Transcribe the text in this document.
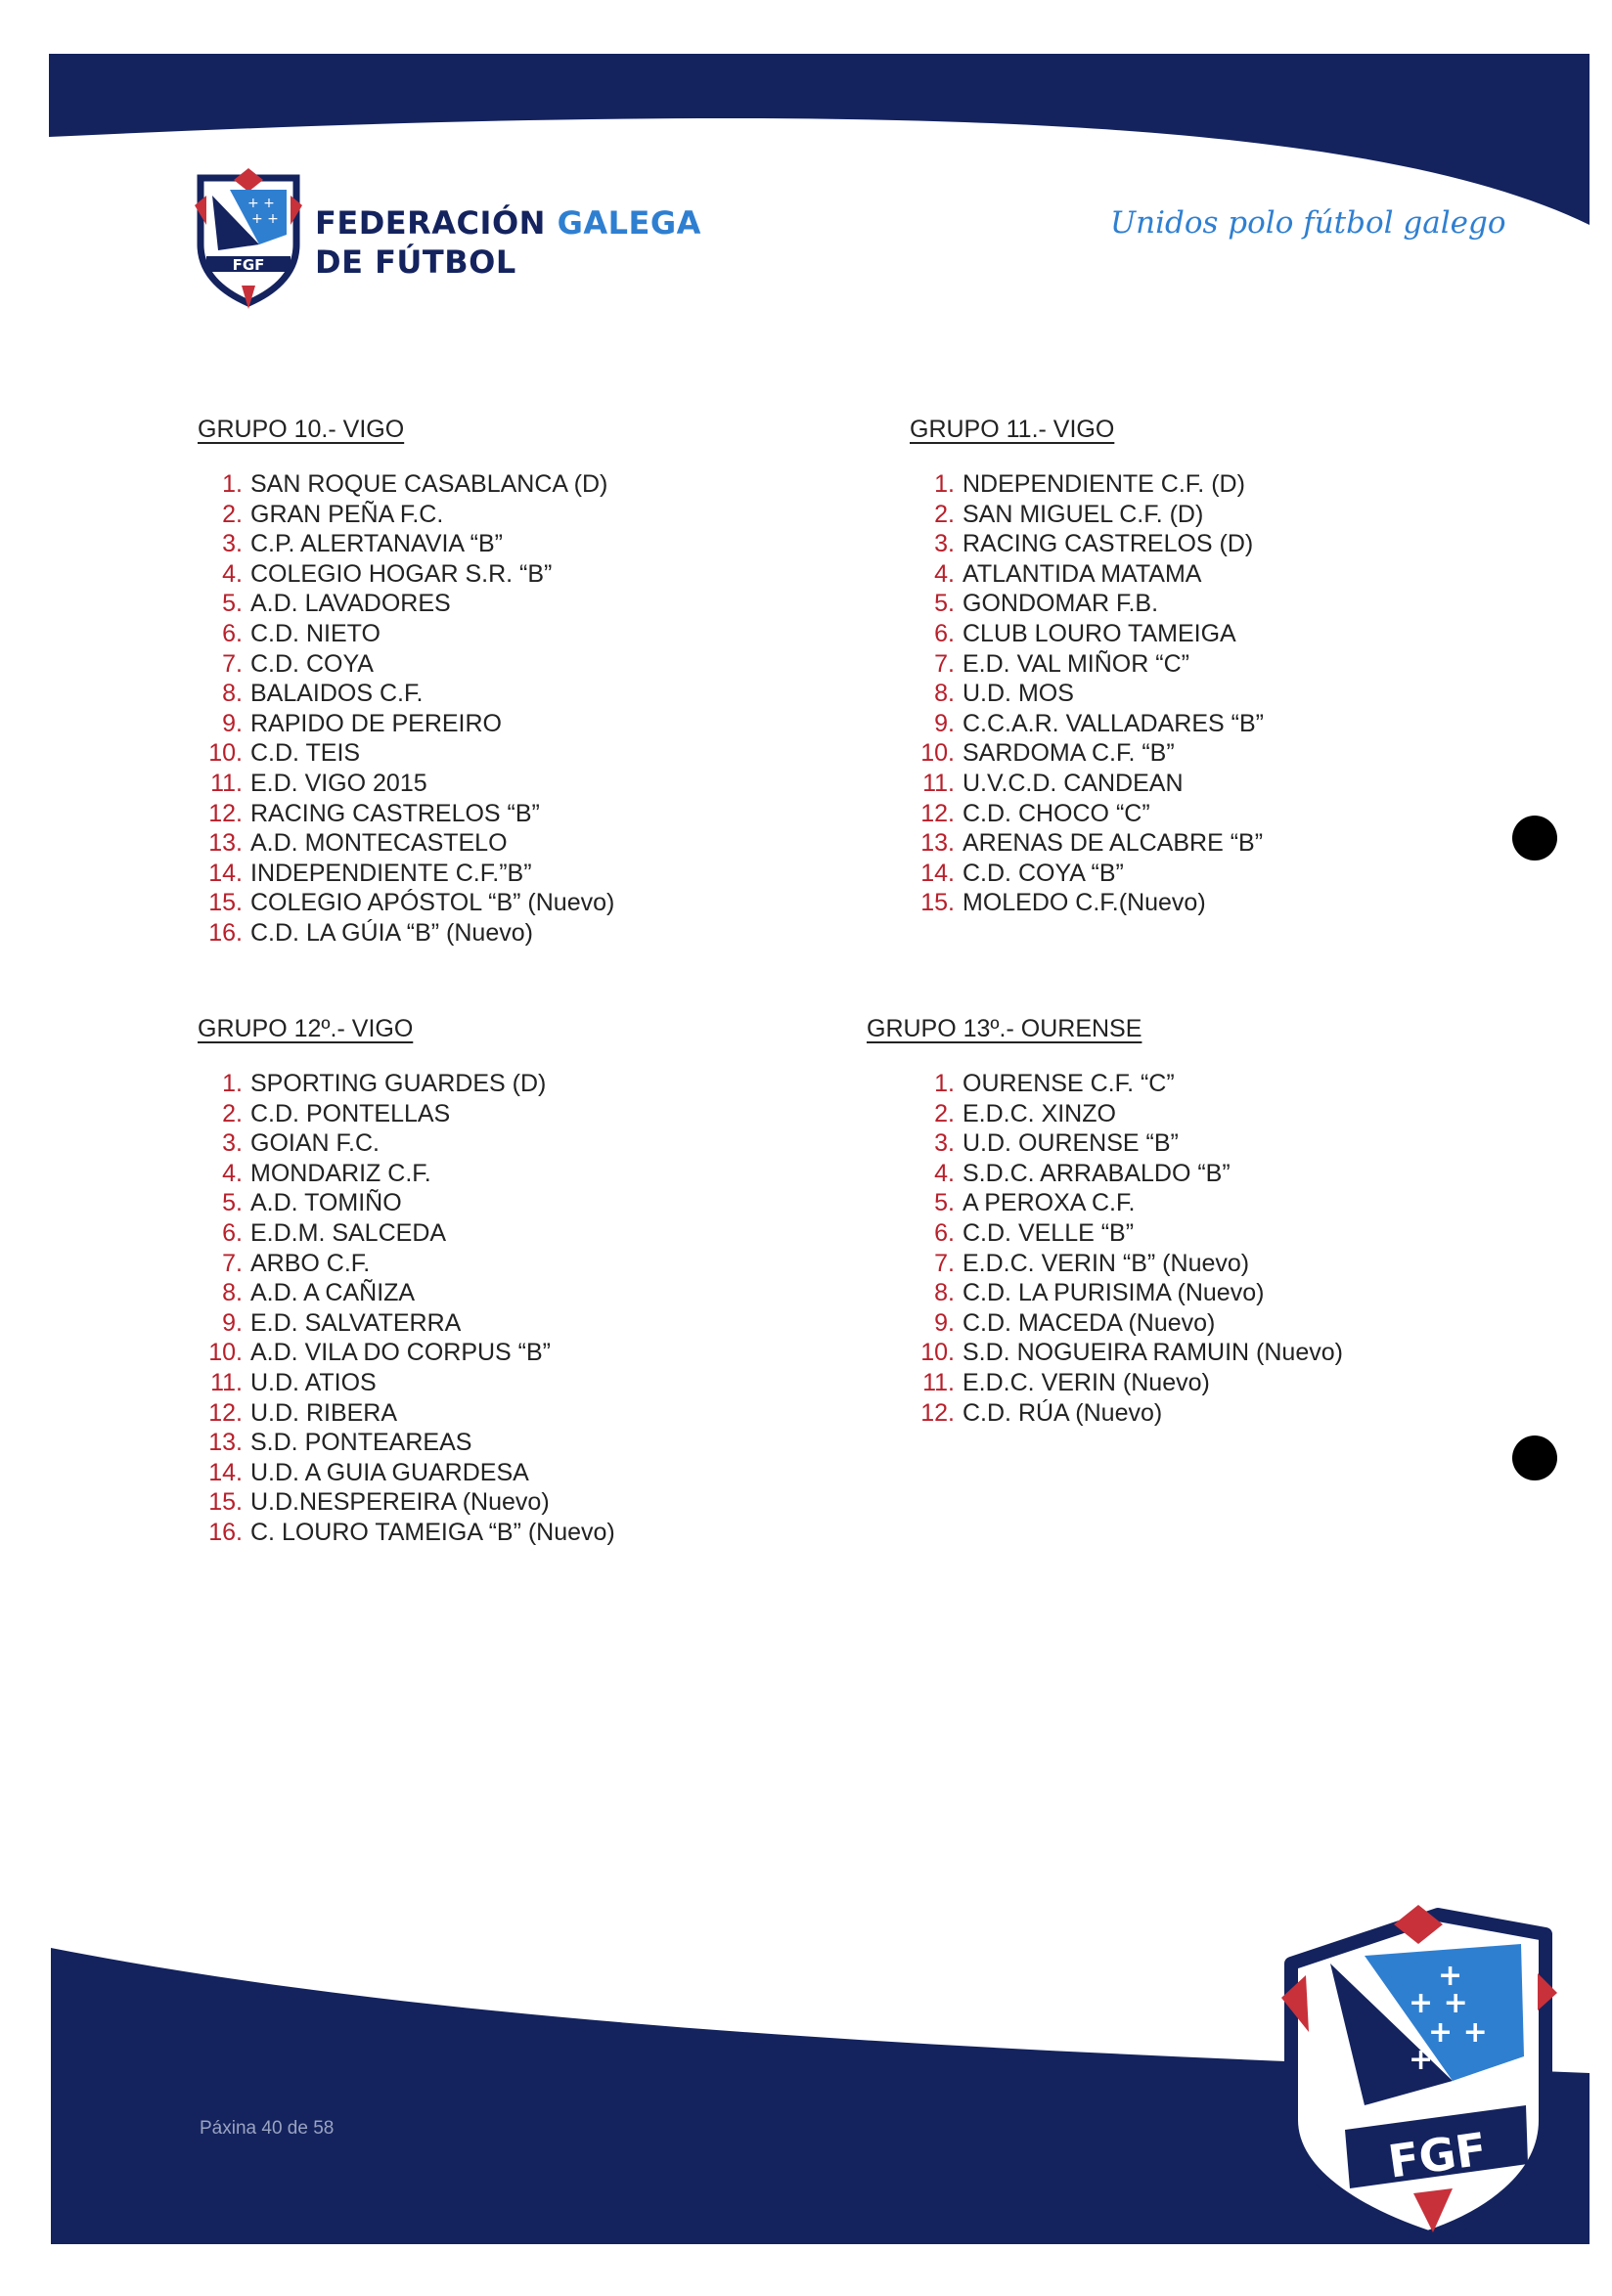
+ +
+ +
FGF
FEDERACIÓN GALEGA
DE FÚTBOL
Unidos polo fútbol galego
GRUPO 10.- VIGO
1. SAN ROQUE CASABLANCA (D)
2. GRAN PEÑA F.C.
3. C.P. ALERTANAVIA “B”
4. COLEGIO HOGAR S.R. “B”
5. A.D. LAVADORES
6. C.D. NIETO
7. C.D. COYA
8. BALAIDOS C.F.
9. RAPIDO DE PEREIRO
10. C.D. TEIS
11. E.D. VIGO 2015
12. RACING CASTRELOS “B”
13. A.D. MONTECASTELO
14. INDEPENDIENTE C.F.”B”
15. COLEGIO APÓSTOL “B” (Nuevo)
16. C.D. LA GÚIA “B” (Nuevo)
GRUPO 11.- VIGO
1. NDEPENDIENTE C.F. (D)
2. SAN MIGUEL C.F. (D)
3. RACING CASTRELOS (D)
4. ATLANTIDA MATAMA
5. GONDOMAR F.B.
6. CLUB LOURO TAMEIGA
7. E.D. VAL MIÑOR “C”
8. U.D. MOS
9. C.C.A.R. VALLADARES “B”
10. SARDOMA C.F. “B”
11. U.V.C.D. CANDEAN
12. C.D. CHOCO “C”
13. ARENAS DE ALCABRE “B”
14. C.D. COYA “B”
15. MOLEDO C.F.(Nuevo)
GRUPO 12º.- VIGO
1. SPORTING GUARDES (D)
2. C.D. PONTELLAS
3. GOIAN F.C.
4. MONDARIZ C.F.
5. A.D. TOMIÑO
6. E.D.M. SALCEDA
7. ARBO C.F.
8. A.D. A CAÑIZA
9. E.D. SALVATERRA
10. A.D. VILA DO CORPUS “B”
11. U.D. ATIOS
12. U.D. RIBERA
13. S.D. PONTEAREAS
14. U.D. A GUIA GUARDESA
15. U.D.NESPEREIRA (Nuevo)
16. C. LOURO TAMEIGA “B” (Nuevo)
GRUPO 13º.- OURENSE
1. OURENSE C.F. “C”
2. E.D.C. XINZO
3. U.D. OURENSE “B”
4. S.D.C. ARRABALDO “B”
5. A PEROXA C.F.
6. C.D. VELLE “B”
7. E.D.C. VERIN “B” (Nuevo)
8. C.D. LA PURISIMA (Nuevo)
9. C.D. MACEDA (Nuevo)
10. S.D. NOGUEIRA RAMUIN (Nuevo)
11. E.D.C. VERIN (Nuevo)
12. C.D. RÚA (Nuevo)
Páxina 40 de 58
+
+ +
+ +
+
FGF
